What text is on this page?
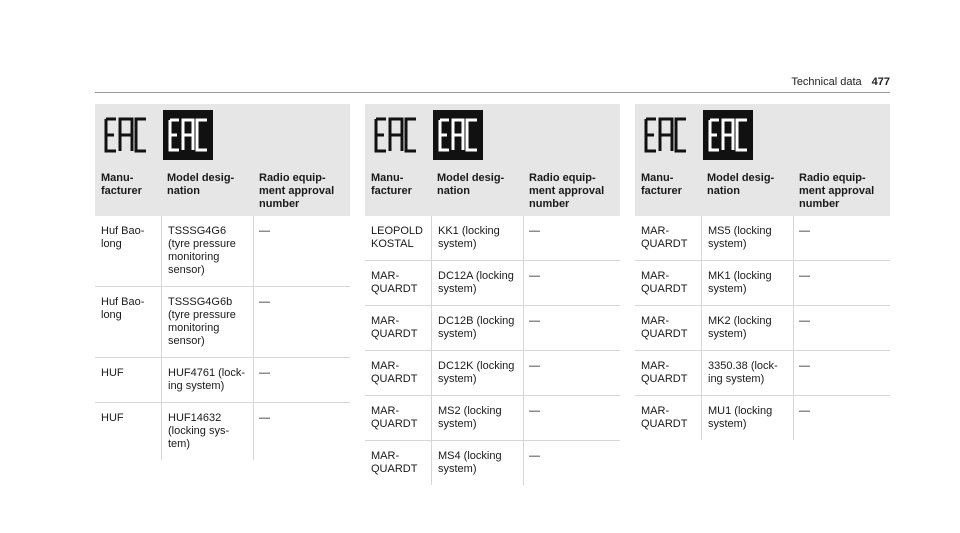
Technical data 477
Manu-
facturer
Model desig-
nation
Radio equip-
ment approval
number
Huf Bao-
long
TSSSG4G6
(tyre pressure
monitoring
sensor)
—
Huf Bao-
long
TSSSG4G6b
(tyre pressure
monitoring
sensor)
—
HUF	HUF4761 (lock-
ing system)
—
HUF	HUF14632
(locking sys-
tem)
—
Manu-
facturer
Model desig-
nation
Radio equip-
ment approval
number
LEOPOLD
KOSTAL
KK1 (locking
system)
—
MAR-
QUARDT
DC12A (locking
system)
—
MAR-
QUARDT
DC12B (locking
system)
—
MAR-
QUARDT
DC12K (locking
system)
—
MAR-
QUARDT
MS2 (locking
system)
—
MAR-
QUARDT
MS4 (locking
system)
—
Manu-
facturer
Model desig-
nation
Radio equip-
ment approval
number
MAR-
QUARDT
MS5 (locking
system)
—
MAR-
QUARDT
MK1 (locking
system)
—
MAR-
QUARDT
MK2 (locking
system)
—
MAR-
QUARDT
3350.38 (lock-
ing system)
—
MAR-
QUARDT
MU1 (locking
system)
—
